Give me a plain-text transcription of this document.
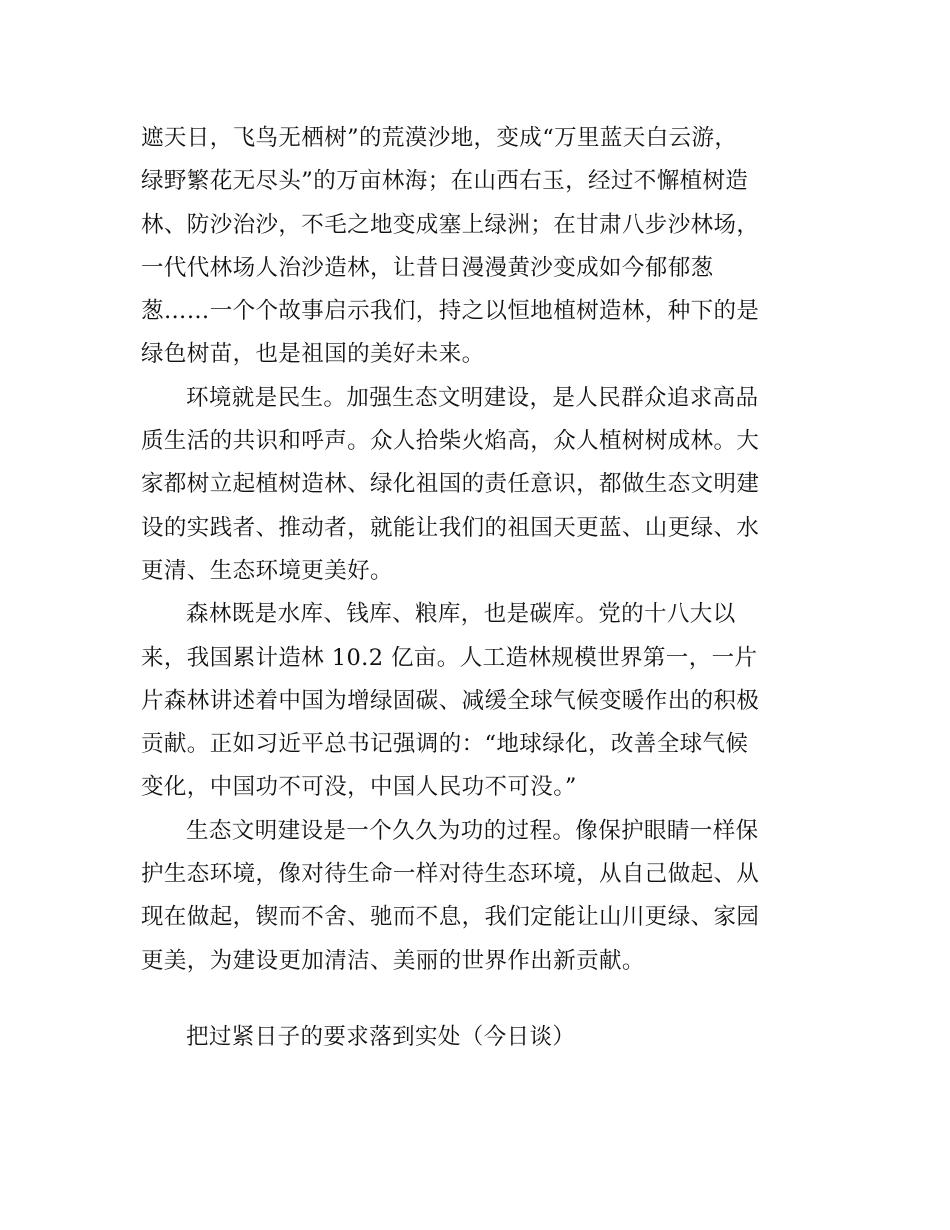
遮天日，飞鸟无栖树”的荒漠沙地，变成“万里蓝天白云游，
绿野繁花无尽头”的万亩林海；在山西右玉，经过不懈植树造
林、防沙治沙，不毛之地变成塞上绿洲；在甘肃八步沙林场，
一代代林场人治沙造林，让昔日漫漫黄沙变成如今郁郁葱
葱……一个个故事启示我们，持之以恒地植树造林，种下的是
绿色树苗，也是祖国的美好未来。

环境就是民生。加强生态文明建设，是人民群众追求高品
质生活的共识和呼声。众人拾柴火焰高，众人植树树成林。大
家都树立起植树造林、绿化祖国的责任意识，都做生态文明建
设的实践者、推动者，就能让我们的祖国天更蓝、山更绿、水
更清、生态环境更美好。

森林既是水库、钱库、粮库，也是碳库。党的十八大以
来，我国累计造林 10.2 亿亩。人工造林规模世界第一，一片
片森林讲述着中国为增绿固碳、减缓全球气候变暖作出的积极
贡献。正如习近平总书记强调的：“地球绿化，改善全球气候
变化，中国功不可没，中国人民功不可没。”

生态文明建设是一个久久为功的过程。像保护眼睛一样保
护生态环境，像对待生命一样对待生态环境，从自己做起、从
现在做起，锲而不舍、驰而不息，我们定能让山川更绿、家园
更美，为建设更加清洁、美丽的世界作出新贡献。

把过紧日子的要求落到实处（今日谈）
